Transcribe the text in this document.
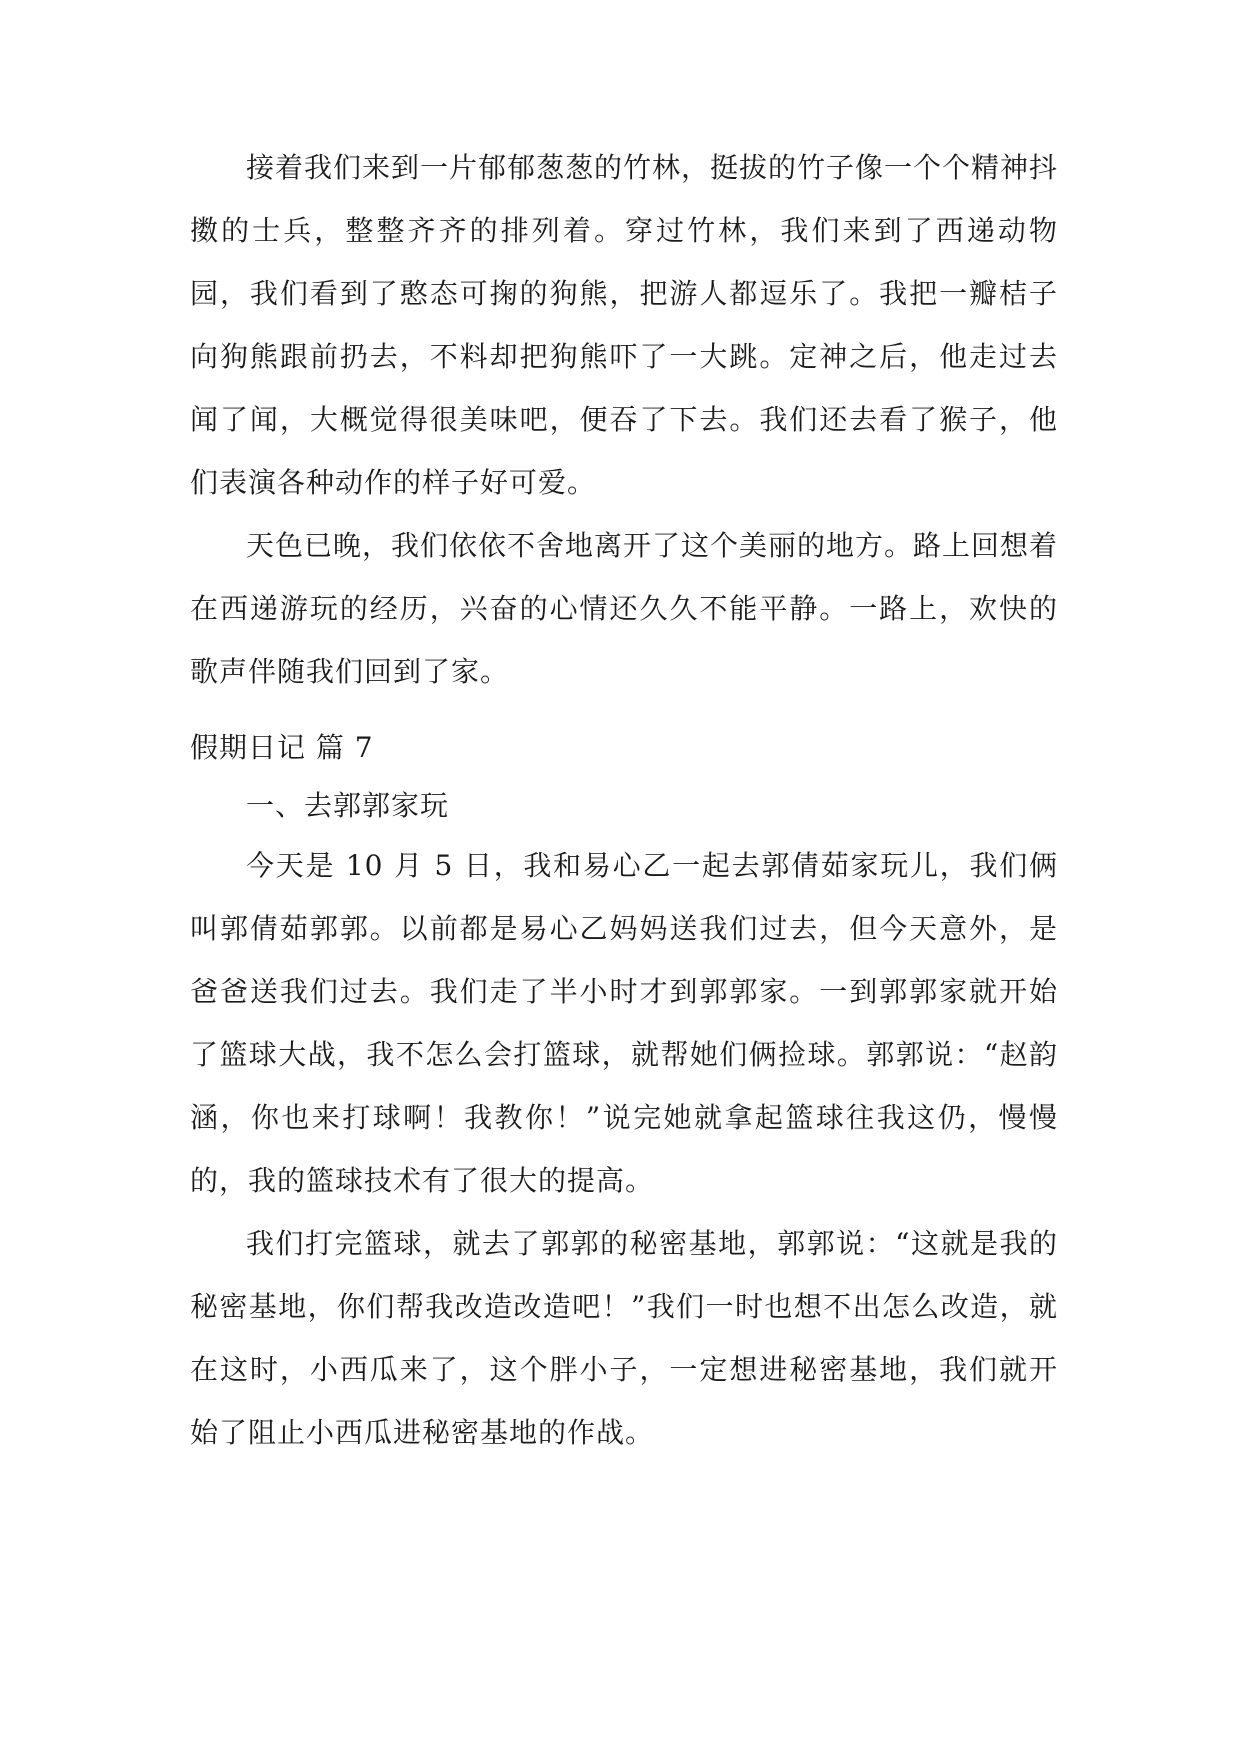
接着我们来到一片郁郁葱葱的竹林，挺拔的竹子像一个个精神抖擞的士兵，整整齐齐的排列着。穿过竹林，我们来到了西递动物园，我们看到了憨态可掬的狗熊，把游人都逗乐了。我把一瓣桔子向狗熊跟前扔去，不料却把狗熊吓了一大跳。定神之后，他走过去闻了闻，大概觉得很美味吧，便吞了下去。我们还去看了猴子，他们表演各种动作的样子好可爱。

天色已晚，我们依依不舍地离开了这个美丽的地方。路上回想着在西递游玩的经历，兴奋的心情还久久不能平静。一路上，欢快的歌声伴随我们回到了家。

假期日记 篇 7

一、去郭郭家玩

今天是 10 月 5 日，我和易心乙一起去郭倩茹家玩儿，我们俩叫郭倩茹郭郭。以前都是易心乙妈妈送我们过去，但今天意外，是爸爸送我们过去。我们走了半小时才到郭郭家。一到郭郭家就开始了篮球大战，我不怎么会打篮球，就帮她们俩捡球。郭郭说：“赵韵涵，你也来打球啊！我教你！”说完她就拿起篮球往我这仍，慢慢的，我的篮球技术有了很大的提高。

我们打完篮球，就去了郭郭的秘密基地，郭郭说：“这就是我的秘密基地，你们帮我改造改造吧！”我们一时也想不出怎么改造，就在这时，小西瓜来了，这个胖小子，一定想进秘密基地，我们就开始了阻止小西瓜进秘密基地的作战。
